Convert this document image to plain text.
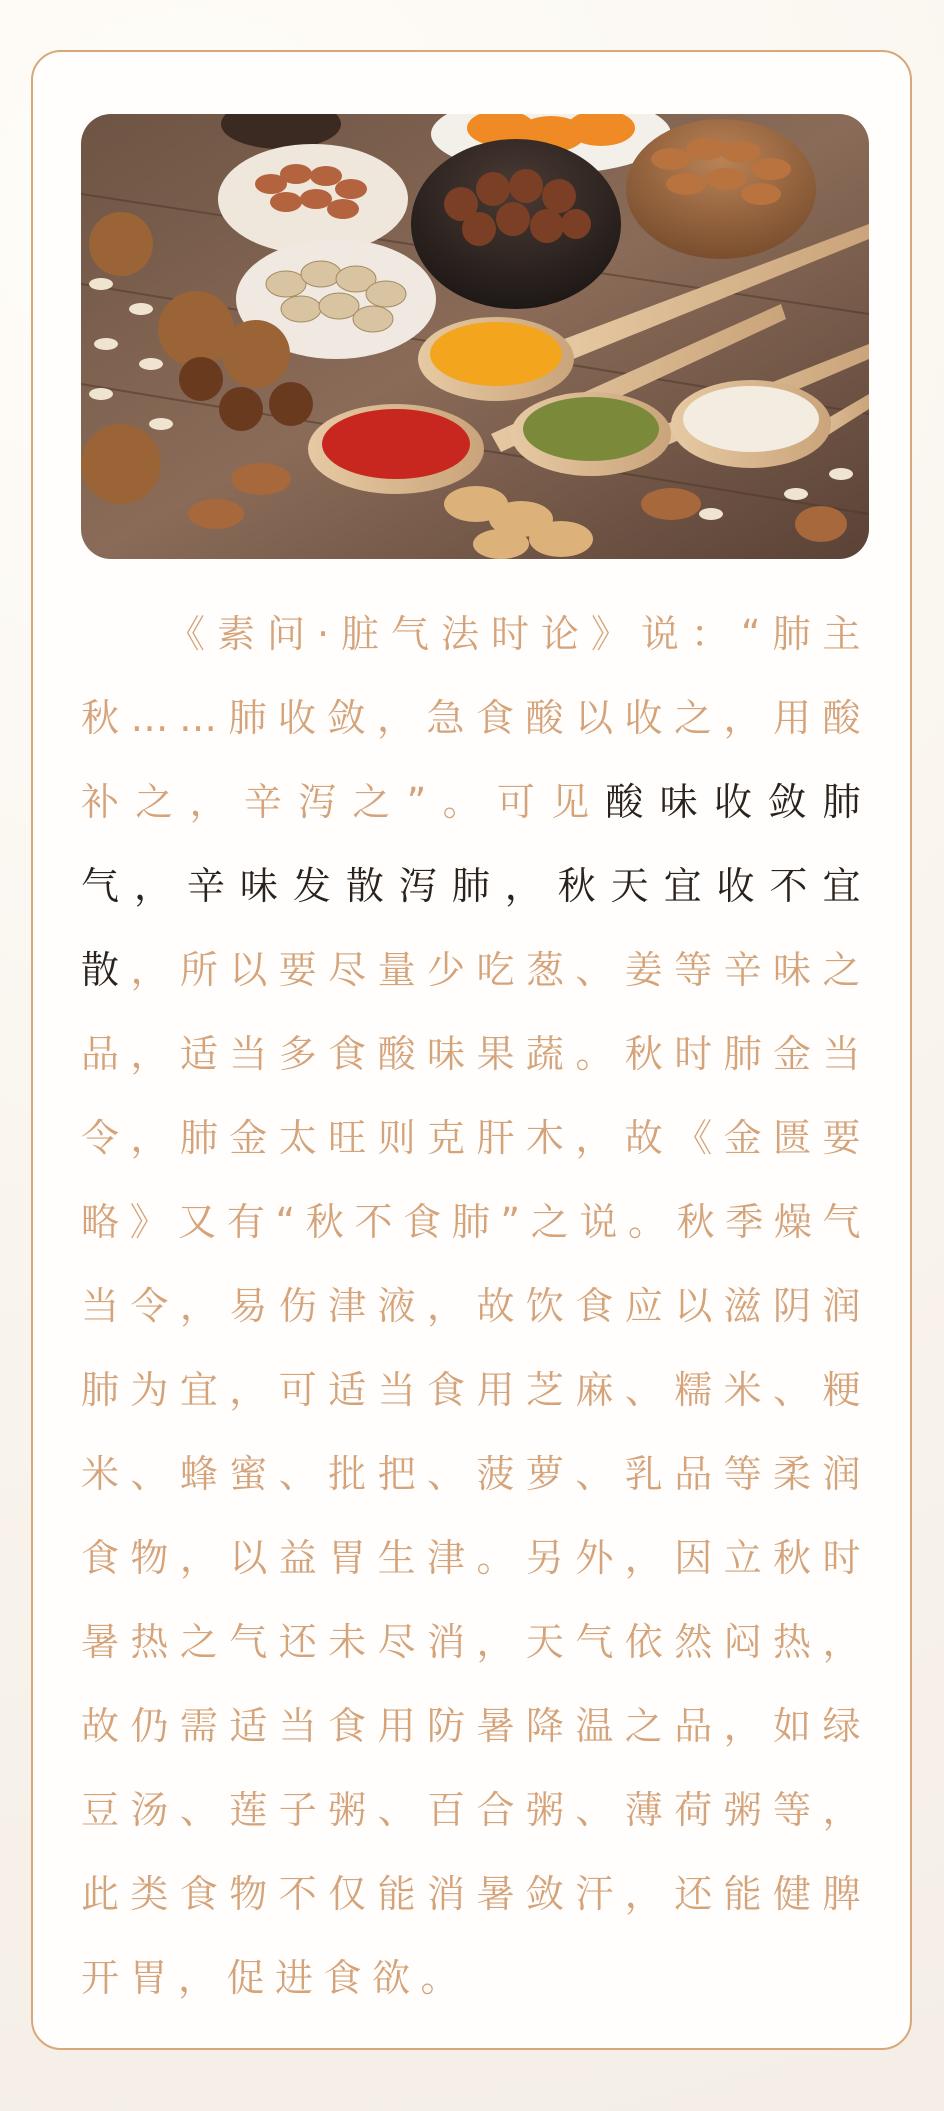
《素问·脏气法时论》说：“肺主秋……肺收敛，急食酸以收之，用酸补之，辛泻之”。可见酸味收敛肺气，辛味发散泻肺，秋天宜收不宜散，所以要尽量少吃葱、姜等辛味之品，适当多食酸味果蔬。秋时肺金当令，肺金太旺则克肝木，故《金匮要略》又有“秋不食肺”之说。秋季燥气当令，易伤津液，故饮食应以滋阴润肺为宜，可适当食用芝麻、糯米、粳米、蜂蜜、批把、菠萝、乳品等柔润食物，以益胃生津。另外，因立秋时暑热之气还未尽消，天气依然闷热，故仍需适当食用防暑降温之品，如绿豆汤、莲子粥、百合粥、薄荷粥等，此类食物不仅能消暑敛汗，还能健脾开胃，促进食欲。
